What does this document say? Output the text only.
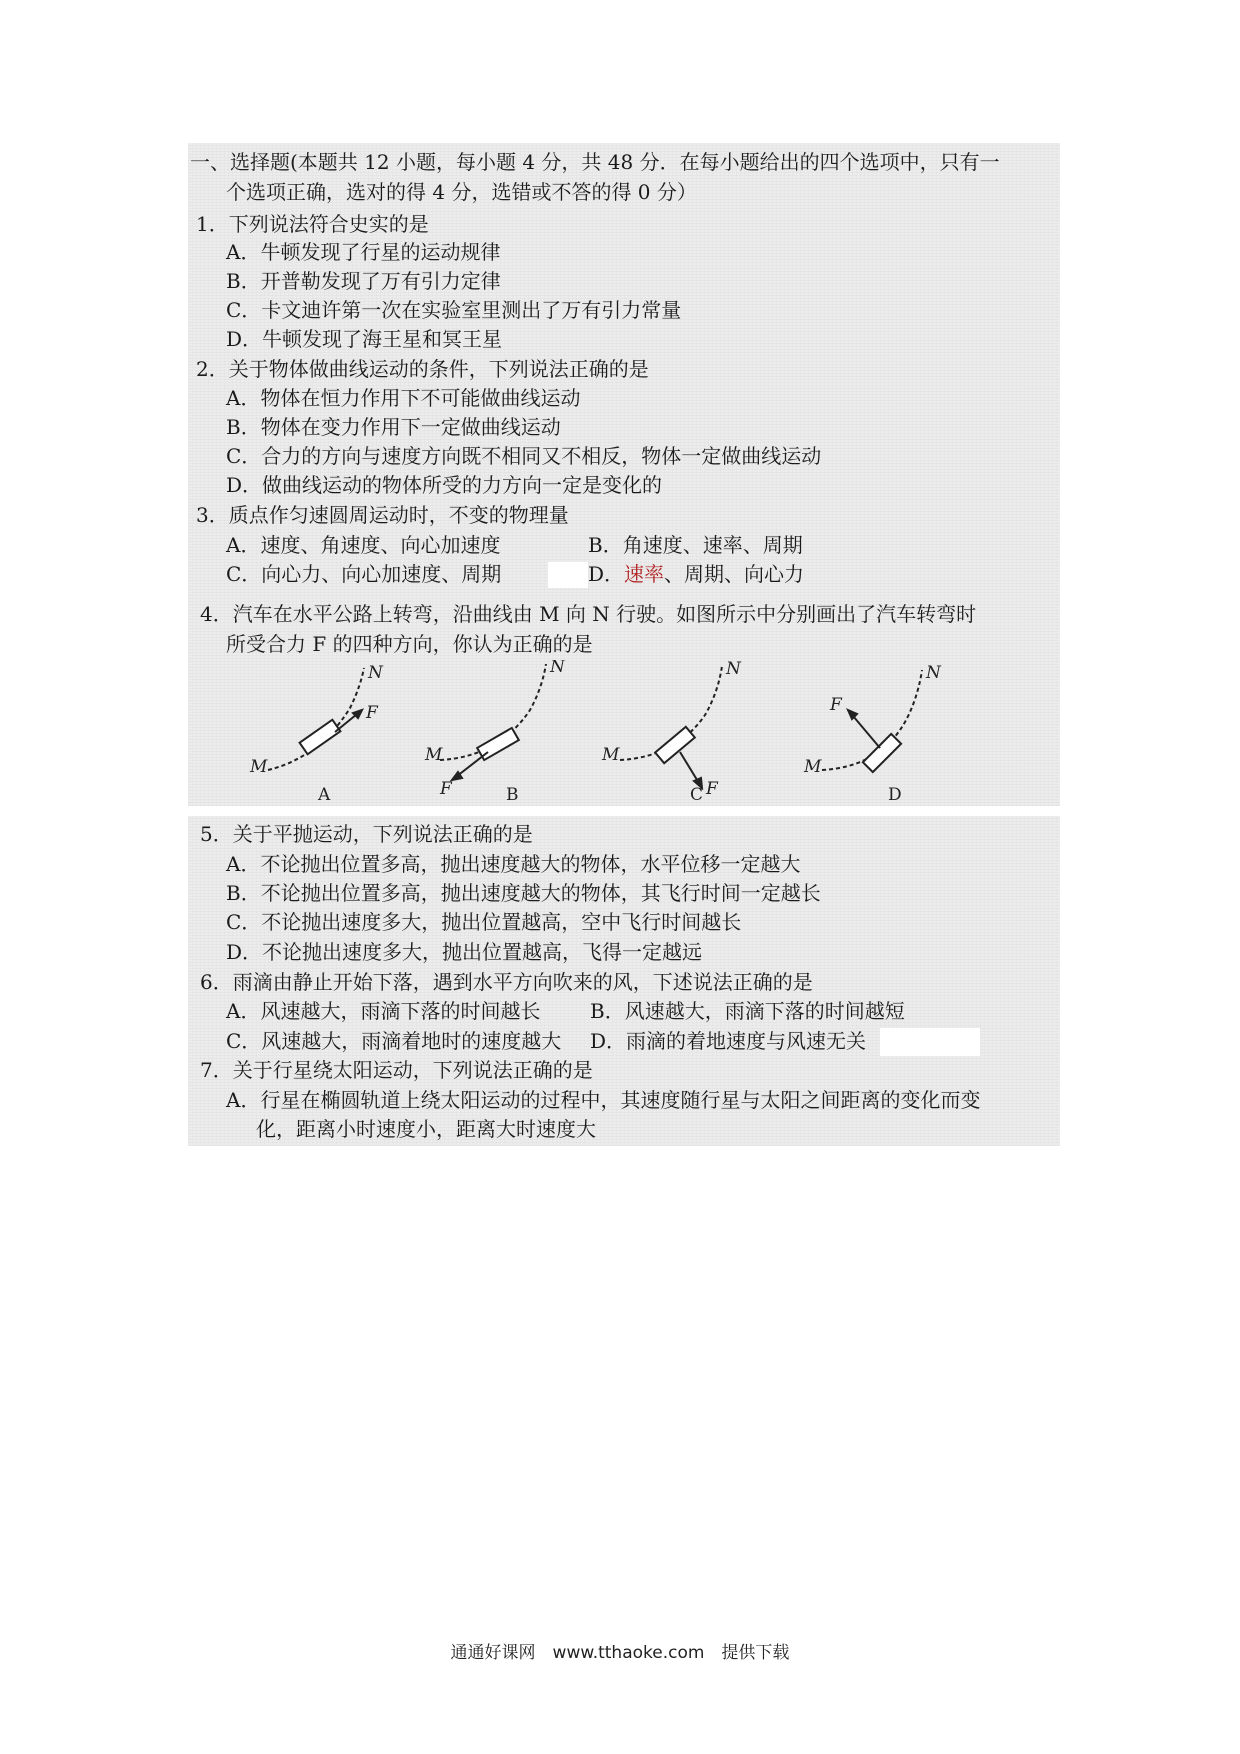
一、选择题(本题共 12 小题，每小题 4 分，共 48 分．在每小题给出的四个选项中，只有一
个选项正确，选对的得 4 分，选错或不答的得 0 分）
1．下列说法符合史实的是
A．牛顿发现了行星的运动规律
B．开普勒发现了万有引力定律
C．卡文迪许第一次在实验室里测出了万有引力常量
D．牛顿发现了海王星和冥王星
2．关于物体做曲线运动的条件，下列说法正确的是
A．物体在恒力作用下不可能做曲线运动
B．物体在变力作用下一定做曲线运动
C．合力的方向与速度方向既不相同又不相反，物体一定做曲线运动
D．做曲线运动的物体所受的力方向一定是变化的
3．质点作匀速圆周运动时，不变的物理量
A．速度、角速度、向心加速度	B．角速度、速率、周期
C．向心力、向心加速度、周期	D．速率、周期、向心力
4．汽车在水平公路上转弯，沿曲线由 M 向 N 行驶。如图所示中分别画出了汽车转弯时
所受合力 F 的四种方向，你认为正确的是
M
N
F
M
N
F
M
N
F
M
N
F
A	B	C	D
5．关于平抛运动，下列说法正确的是
A．不论抛出位置多高，抛出速度越大的物体，水平位移一定越大
B．不论抛出位置多高，抛出速度越大的物体，其飞行时间一定越长
C．不论抛出速度多大，抛出位置越高，空中飞行时间越长
D．不论抛出速度多大，抛出位置越高，飞得一定越远
6．雨滴由静止开始下落，遇到水平方向吹来的风，下述说法正确的是
A．风速越大，雨滴下落的时间越长 B．风速越大，雨滴下落的时间越短
C．风速越大，雨滴着地时的速度越大 D．雨滴的着地速度与风速无关
7．关于行星绕太阳运动，下列说法正确的是
A．行星在椭圆轨道上绕太阳运动的过程中，其速度随行星与太阳之间距离的变化而变
化，距离小时速度小，距离大时速度大
通通好课网　www.tthaoke.com　提供下载
